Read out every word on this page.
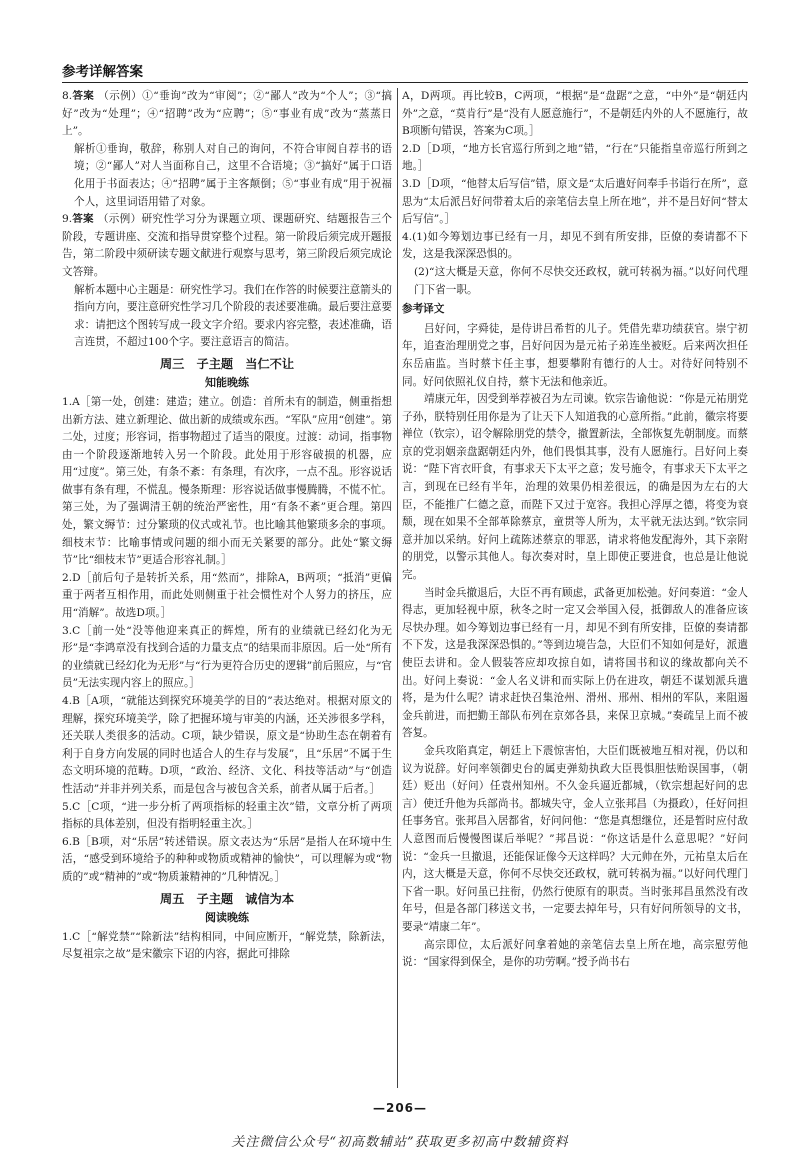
参考详解答案
8.答案 （示例）①“垂询”改为“审阅”；②“鄙人”改为“个人”；③“搞好”改为“处理”；④“招聘”改为“应聘”；⑤“事业有成”改为“蒸蒸日上”。
解析①垂询，敬辞，称别人对自己的询问，不符合审阅自荐书的语境；②“鄙人”对人当面称自己，这里不合语境；③“搞好”属于口语化用于书面表达；④“招聘”属于主客颠倒；⑤“事业有成”用于祝福个人，这里词语用错了对象。
9.答案 （示例）研究性学习分为课题立项、课题研究、结题报告三个阶段，专题讲座、交流和指导贯穿整个过程。第一阶段后须完成开题报告，第二阶段中须研读专题文献进行观察与思考，第三阶段后须完成论文答辩。
解析本题中心主题是：研究性学习。我们在作答的时候要注意箭头的指向方向，要注意研究性学习几个阶段的表述要准确。最后要注意要求：请把这个图转写成一段文字介绍。要求内容完整，表述准确，语言连贯，不超过100个字。要注意语言的简洁。
周三　子主题　当仁不让
知能晚练
1.A［第一处，创建：建造；建立。创造：首所未有的制造，侧重指想出新方法、建立新理论、做出新的成绩或东西。“军队”应用“创建”。第二处，过度；形容词，指事物超过了适当的限度。过渡：动词，指事物由一个阶段逐渐地转入另一个阶段。此处用于形容破损的机器，应用“过度”。第三处，有条不紊：有条理，有次序，一点不乱。形容说话做事有条有理，不慌乱。慢条斯理：形容说话做事慢腾腾，不慌不忙。第三处，为了强调清王朝的统治严密性，用“有条不紊”更合理。第四处，繁文缛节：过分繁琐的仪式或礼节。也比喻其他繁琐多余的事项。细枝末节：比喻事情或问题的细小而无关紧要的部分。此处“繁文缛节”比“细枝末节”更适合形容礼制。］
2.D［前后句子是转折关系，用“然而”，排除A，B两项；“抵消”更偏重于两者互相作用，而此处则侧重于社会惯性对个人努力的挤压，应用“消解”。故选D项。］
3.C［前一处“没等他迎来真正的辉煌，所有的业绩就已经幻化为无形”是“李鸿章没有找到合适的力量支点”的结果而非原因。后一处“所有的业绩就已经幻化为无形”与“行为更符合历史的逻辑”前后照应，与“官员”无法实现内容上的照应。］
4.B［A项，“就能达到探究环境美学的目的”表达绝对。根据对原文的理解，探究环境美学，除了把握环境与审美的内涵，还关涉很多学科，还关联人类很多的活动。C项，缺少错误，原文是“协助生态在朝着有利于自身方向发展的同时也适合人的生存与发展”，且“乐居”不属于生态文明环境的范畴。D项，“政治、经济、文化、科技等活动”与“创造性活动”并非并列关系，而是包含与被包含关系，前者从属于后者。］
5.C［C项，“进一步分析了两项指标的轻重主次”错，文章分析了两项指标的具体差别，但没有指明轻重主次。］
6.B［B项，对“乐居”转述错误。原文表达为“乐居”是指人在环境中生活，“感受到环境给予的种种或物质或精神的愉快”，可以理解为或“物质的”或“精神的”或“物质兼精神的”几种情况。］
周五　子主题　诚信为本
阅读晚练
1.C［“解党禁”“除新法”结构相同，中间应断开，“解党禁，除新法，尽复祖宗之故”是宋徽宗下诏的内容，据此可排除
A，D两项。再比较B，C两项，“根据”是“盘踞”之意，“中外”是“朝廷内外”之意，“莫肯行”是“没有人愿意施行”，不是朝廷内外的人不愿施行，故B项断句错误，答案为C项。］
2.D［D项，“地方长官巡行所到之地”错，“行在”只能指皇帝巡行所到之地。］
3.D［D项，“他替太后写信”错，原文是“太后遣好问奉手书诣行在所”，意思为“太后派吕好问带着太后的亲笔信去皇上所在地”，并不是吕好问“替太后写信”。］
4.(1)如今筹划边事已经有一月，却见不到有所安排，臣僚的奏请都不下发，这是我深深恐惧的。
(2)“这大概是天意，你何不尽快交还政权，就可转祸为福。”以好问代理门下省一职。
参考译文

吕好问，字舜徒，是侍讲吕希哲的儿子。凭借先辈功绩获官。崇宁初年，追查治理朋党之事，吕好问因为是元祐子弟连坐被贬。后来两次担任东岳庙监。当时蔡卞任主事，想要攀附有德行的人士。对待好问特别不同。好问依照礼仪自持，蔡卞无法和他亲近。

靖康元年，因受到举荐被召为左司谏。钦宗告谕他说：“你是元祐朋党子孙，朕特别任用你是为了让天下人知道我的心意所指。”此前，徽宗将要禅位（钦宗），诏令解除朋党的禁令，撤置新法，全部恢复先朝制度。而蔡京的党羽姻亲盘踞朝廷内外，他们畏惧其事，没有人愿施行。吕好问上奏说：“陛下宵衣旰食，有事求天下太平之意；发号施令，有事求天下太平之言，到现在已经有半年，治理的效果仍相差很远，的确是因为左右的大臣，不能推广仁德之意，而陛下又过于宽容。我担心浮厚之德，将变为衰颓，现在如果不全部革除蔡京，童贯等人所为，太平就无法达到。”钦宗同意并加以采纳。好问上疏陈述蔡京的罪恶，请求将他发配海外，其下亲附的朋党，以警示其他人。每次奏对时，皇上即使正要进食，也总是让他说完。

当时金兵撤退后，大臣不再有顾虑，武备更加松弛。好问奏道：“金人得志，更加轻视中原，秋冬之时一定又会举国入侵，抵御敌人的准备应该尽快办理。如今筹划边事已经有一月，却见不到有所安排，臣僚的奏请都不下发，这是我深深恐惧的。”等到边境告急，大臣们不知如何是好，派遣使臣去讲和。金人假装答应却攻掠自如，请将国书和议的缘故都向关不出。好问上奏说：“金人名义讲和而实际上仍在进攻，朝廷不谋划派兵遣将，是为什么呢？请求赶快召集沧州、滑州、邢州、相州的军队，来阻遏金兵前进，而把勤王部队布列在京郊各县，来保卫京城。”奏疏呈上而不被答复。

金兵攻陷真定，朝廷上下震惊害怕，大臣们既被地互相对视，仍以和议为说辞。好问率领御史台的属吏弹劾执政大臣畏惧胆怯贻误国事，（朝廷）贬出（好问）任袁州知州。不久金兵逼近都城，（钦宗想起好问的忠言）使迁升他为兵部尚书。都城失守，金人立张邦昌（为摄政），任好问担任事务官。张邦昌入居都省，好问问他：“您是真想继位，还是暂时应付敌人意图而后慢慢图谋后举呢？”邦昌说：“你这话是什么意思呢？”好问说：“金兵一旦撤退，还能保证像今天这样吗？大元帅在外，元祐皇太后在内，这大概是天意，你何不尽快交还政权，就可转祸为福。”以好问代理门下省一职。好问虽已拄衔，仍然行使原有的职责。当时张邦昌虽然没有改年号，但是各部门移送文书，一定要去掉年号，只有好问所领导的文书，要录“靖康二年”。

高宗即位，太后派好问拿着她的亲笔信去皇上所在地，高宗慰劳他说：“国家得到保全，是你的功劳啊。”授予尚书右

—206—
关注微信公众号“初高数辅站”获取更多初高中数辅资料
